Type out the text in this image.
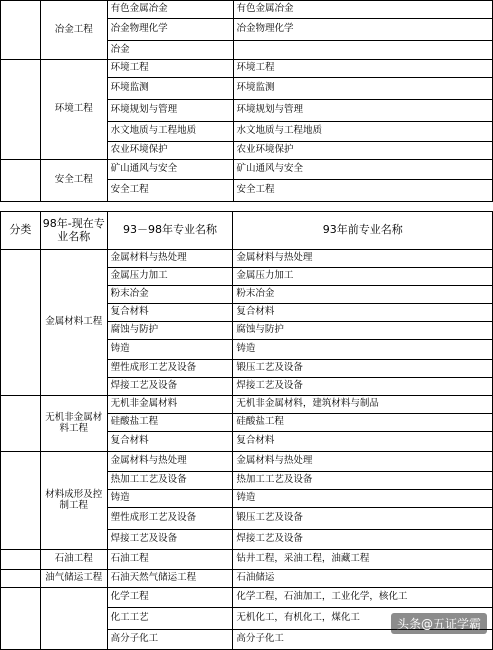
	冶金工程	有色金属冶金	有色金属冶金
		冶金物理化学	冶金物理化学
		冶金	
	环境工程	环境工程	环境工程
		环境监测	环境监测
		环境规划与管理	环境规划与管理
		水文地质与工程地质	水文地质与工程地质
		农业环境保护	农业环境保护
	安全工程	矿山通风与安全	矿山通风与安全
		安全工程	安全工程
分类	98年-现在专业名称	93－98年专业名称	93年前专业名称
	金属材料工程	金属材料与热处理	金属材料与热处理
		金属压力加工	金属压力加工
		粉末冶金	粉末冶金
		复合材料	复合材料
		腐蚀与防护	腐蚀与防护
		铸造	铸造
		塑性成形工艺及设备	锻压工艺及设备
		焊接工艺及设备	焊接工艺及设备
	无机非金属材料工程	无机非金属材料	无机非金属材料，建筑材料与制品
		硅酸盐工程	硅酸盐工程
		复合材料	复合材料
	材料成形及控制工程	金属材料与热处理	金属材料与热处理
		热加工工艺及设备	热加工工艺及设备
		铸造	铸造
		塑性成形工艺及设备	锻压工艺及设备
		焊接工艺及设备	焊接工艺及设备
	石油工程	石油工程	钻井工程，采油工程，油藏工程
	油气储运工程	石油天然气储运工程	石油储运
		化学工程	化学工程，石油加工，工业化学，核化工
		化工工艺	无机化工，有机化工，煤化工
		高分子化工	高分子化工
头条@五证学霸
